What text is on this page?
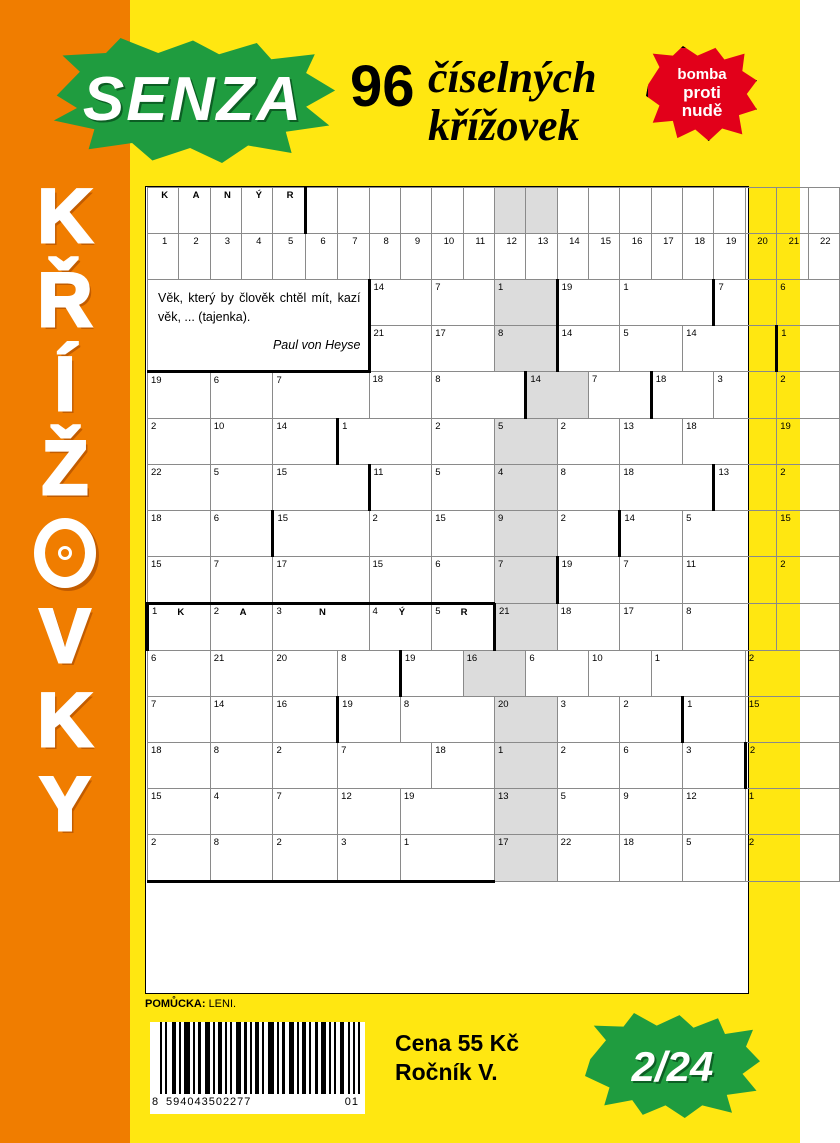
K
Ř
Í
Ž
V
K
Y
SENZA 96 číselných
křížovek
bomba
proti
nudě
K	A	N	Ý	R																	
1	2	3	4	5	6	7	8	9	10	11	12	13	14	15	16	17	18	19	20	21	22

Věk, který by člověk chtěl mít, kazí věk, ... (tajenka).
Paul von Heyse							14		7		1		19		1			7		6	
							21		17		8		14		5		14			1	
19		6		7			18		8			14		7		18		3		2	
2		10		14		1			2		5		2		13		18			19	
22		5		15			11		5		4		8		18			13		2	
18		6		15			2		15		9		2		14		5			15	
15		7		17			15		6		7		19		7		11			2	

1 K		2 A		3 N			4 Ý		5 R		21		18		17		8				
6		21		20		8		19		16		6		10		1			2		
7		14		16		19		8			20		3		2		1		15		
18		8		2		7			18		1		2		6		3		2		
15		4		7		12		19			13		5		9		12		1		
2		8		2		3		1			17		22		18		5		2		
POMŮCKA: LENI.
8 594043502277	01
Cena 55 Kč
Ročník V.	2/24
